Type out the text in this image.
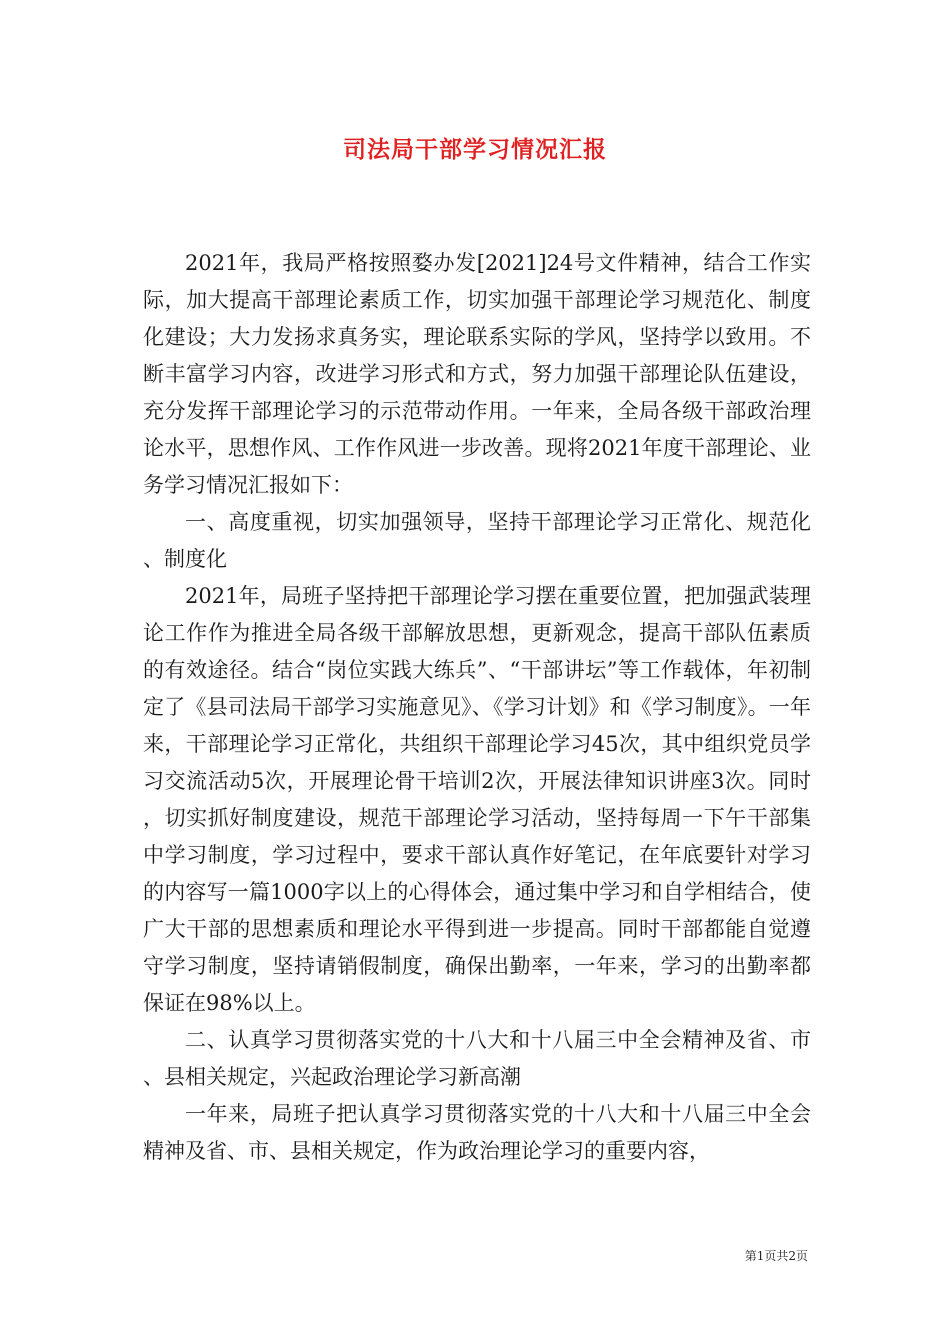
司法局干部学习情况汇报

2021年，我局严格按照婺办发[2021]24号文件精神，结合工作实际，加大提高干部理论素质工作，切实加强干部理论学习规范化、制度化建设；大力发扬求真务实，理论联系实际的学风，坚持学以致用。不断丰富学习内容，改进学习形式和方式，努力加强干部理论队伍建设，充分发挥干部理论学习的示范带动作用。一年来，全局各级干部政治理论水平，思想作风、工作作风进一步改善。现将2021年度干部理论、业务学习情况汇报如下：

一、高度重视，切实加强领导，坚持干部理论学习正常化、规范化、制度化

2021年，局班子坚持把干部理论学习摆在重要位置，把加强武装理论工作作为推进全局各级干部解放思想，更新观念，提高干部队伍素质的有效途径。结合“岗位实践大练兵”、“干部讲坛”等工作载体，年初制定了《县司法局干部学习实施意见》、《学习计划》和《学习制度》。一年来，干部理论学习正常化，共组织干部理论学习45次，其中组织党员学习交流活动5次，开展理论骨干培训2次，开展法律知识讲座3次。同时，切实抓好制度建设，规范干部理论学习活动，坚持每周一下午干部集中学习制度，学习过程中，要求干部认真作好笔记，在年底要针对学习的内容写一篇1000字以上的心得体会，通过集中学习和自学相结合，使广大干部的思想素质和理论水平得到进一步提高。同时干部都能自觉遵守学习制度，坚持请销假制度，确保出勤率，一年来，学习的出勤率都保证在98%以上。

二、认真学习贯彻落实党的十八大和十八届三中全会精神及省、市、县相关规定，兴起政治理论学习新高潮

一年来，局班子把认真学习贯彻落实党的十八大和十八届三中全会精神及省、市、县相关规定，作为政治理论学习的重要内容，

第1页共2页
